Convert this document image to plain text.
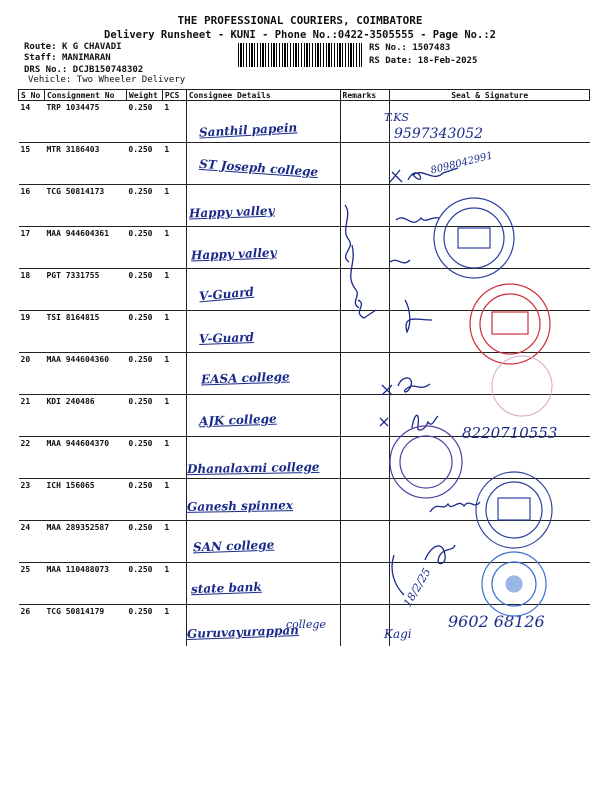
THE PROFESSIONAL COURIERS, COIMBATORE
Delivery Runsheet - KUNI - Phone No.:0422-3505555 - Page No.:2
Route: K G CHAVADI
Staff: MANIMARAN
DRS No.: DCJB150748302
Vehicle: Two Wheeler Delivery
RS No.: 1507483
RS Date: 18-Feb-2025
S No	Consignment No	Weight	PCS	Consignee Details	Remarks	Seal & Signature
14	TRP 1034475	0.250	1	Santhil papein		

15	MTR 3186403	0.250	1	ST Joseph college		

16	TCG 50814173	0.250	1	Happy valley		

17	MAA 944604361	0.250	1	Happy valley		

18	PGT 7331755	0.250	1	V-Guard		

19	TSI 8164815	0.250	1	V-Guard		

20	MAA 944604360	0.250	1	EASA college		

21	KDI 240486	0.250	1	AJK college		

22	MAA 944604370	0.250	1	Dhanalaxmi college		

23	ICH 156065	0.250	1	Ganesh spinnex		

24	MAA 289352587	0.250	1	SAN college		

25	MAA 110488073	0.250	1	state bank		

26	TCG 50814179	0.250	1	Guruvayurappan		

T.KS
9597343052
8098042991
8220710553
18/2/25
9602 68126
college
Kagi
